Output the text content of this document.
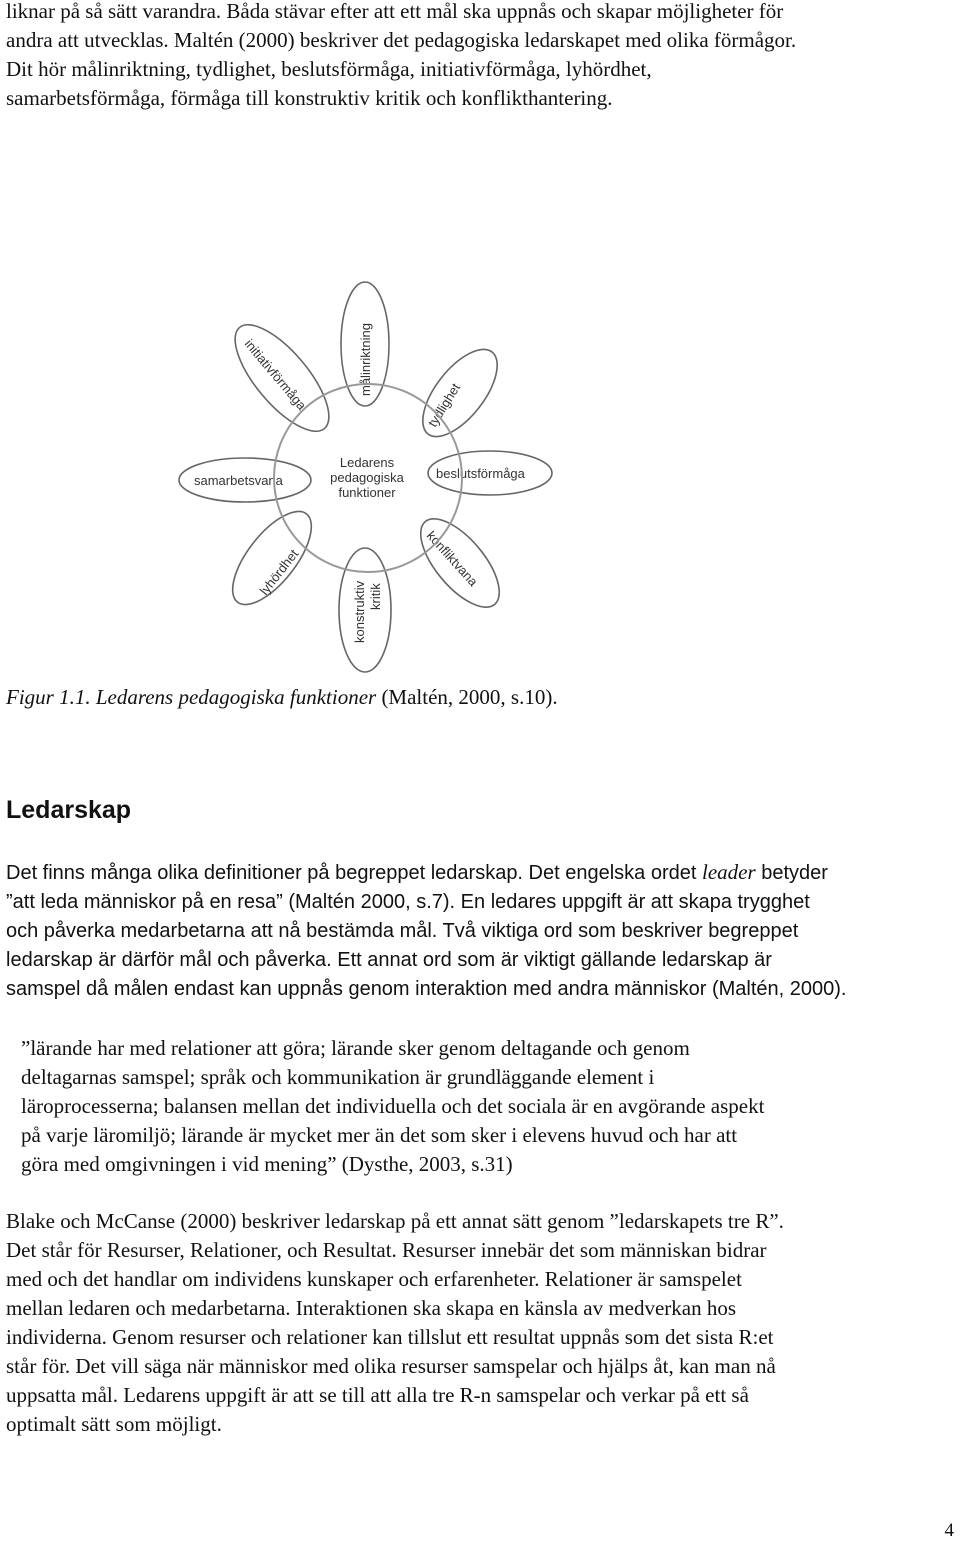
liknar på så sätt varandra. Båda stävar efter att ett mål ska uppnås och skapar möjligheter för
andra att utvecklas. Maltén (2000) beskriver det pedagogiska ledarskapet med olika förmågor.
Dit hör målinriktning, tydlighet, beslutsförmåga, initiativförmåga, lyhördhet,
samarbetsförmåga, förmåga till konstruktiv kritik och konflikthantering.
målinriktning
tydlighet
beslutsförmåga
konfliktvana
konstruktiv kritik
lyhördhet
samarbetsvana
initiativförmåga
Ledarens
pedagogiska
funktioner
Figur 1.1. Ledarens pedagogiska funktioner (Maltén, 2000, s.10).
Ledarskap
Det finns många olika definitioner på begreppet ledarskap. Det engelska ordet leader betyder
”att leda människor på en resa” (Maltén 2000, s.7). En ledares uppgift är att skapa trygghet
och påverka medarbetarna att nå bestämda mål. Två viktiga ord som beskriver begreppet
ledarskap är därför mål och påverka. Ett annat ord som är viktigt gällande ledarskap är
samspel då målen endast kan uppnås genom interaktion med andra människor (Maltén, 2000).
”lärande har med relationer att göra; lärande sker genom deltagande och genom
deltagarnas samspel; språk och kommunikation är grundläggande element i
läroprocesserna; balansen mellan det individuella och det sociala är en avgörande aspekt
på varje läromiljö; lärande är mycket mer än det som sker i elevens huvud och har att
göra med omgivningen i vid mening” (Dysthe, 2003, s.31)
Blake och McCanse (2000) beskriver ledarskap på ett annat sätt genom ”ledarskapets tre R”.
Det står för Resurser, Relationer, och Resultat. Resurser innebär det som människan bidrar
med och det handlar om individens kunskaper och erfarenheter. Relationer är samspelet
mellan ledaren och medarbetarna. Interaktionen ska skapa en känsla av medverkan hos
individerna. Genom resurser och relationer kan tillslut ett resultat uppnås som det sista R:et
står för. Det vill säga när människor med olika resurser samspelar och hjälps åt, kan man nå
uppsatta mål. Ledarens uppgift är att se till att alla tre R-n samspelar och verkar på ett så
optimalt sätt som möjligt.
4
